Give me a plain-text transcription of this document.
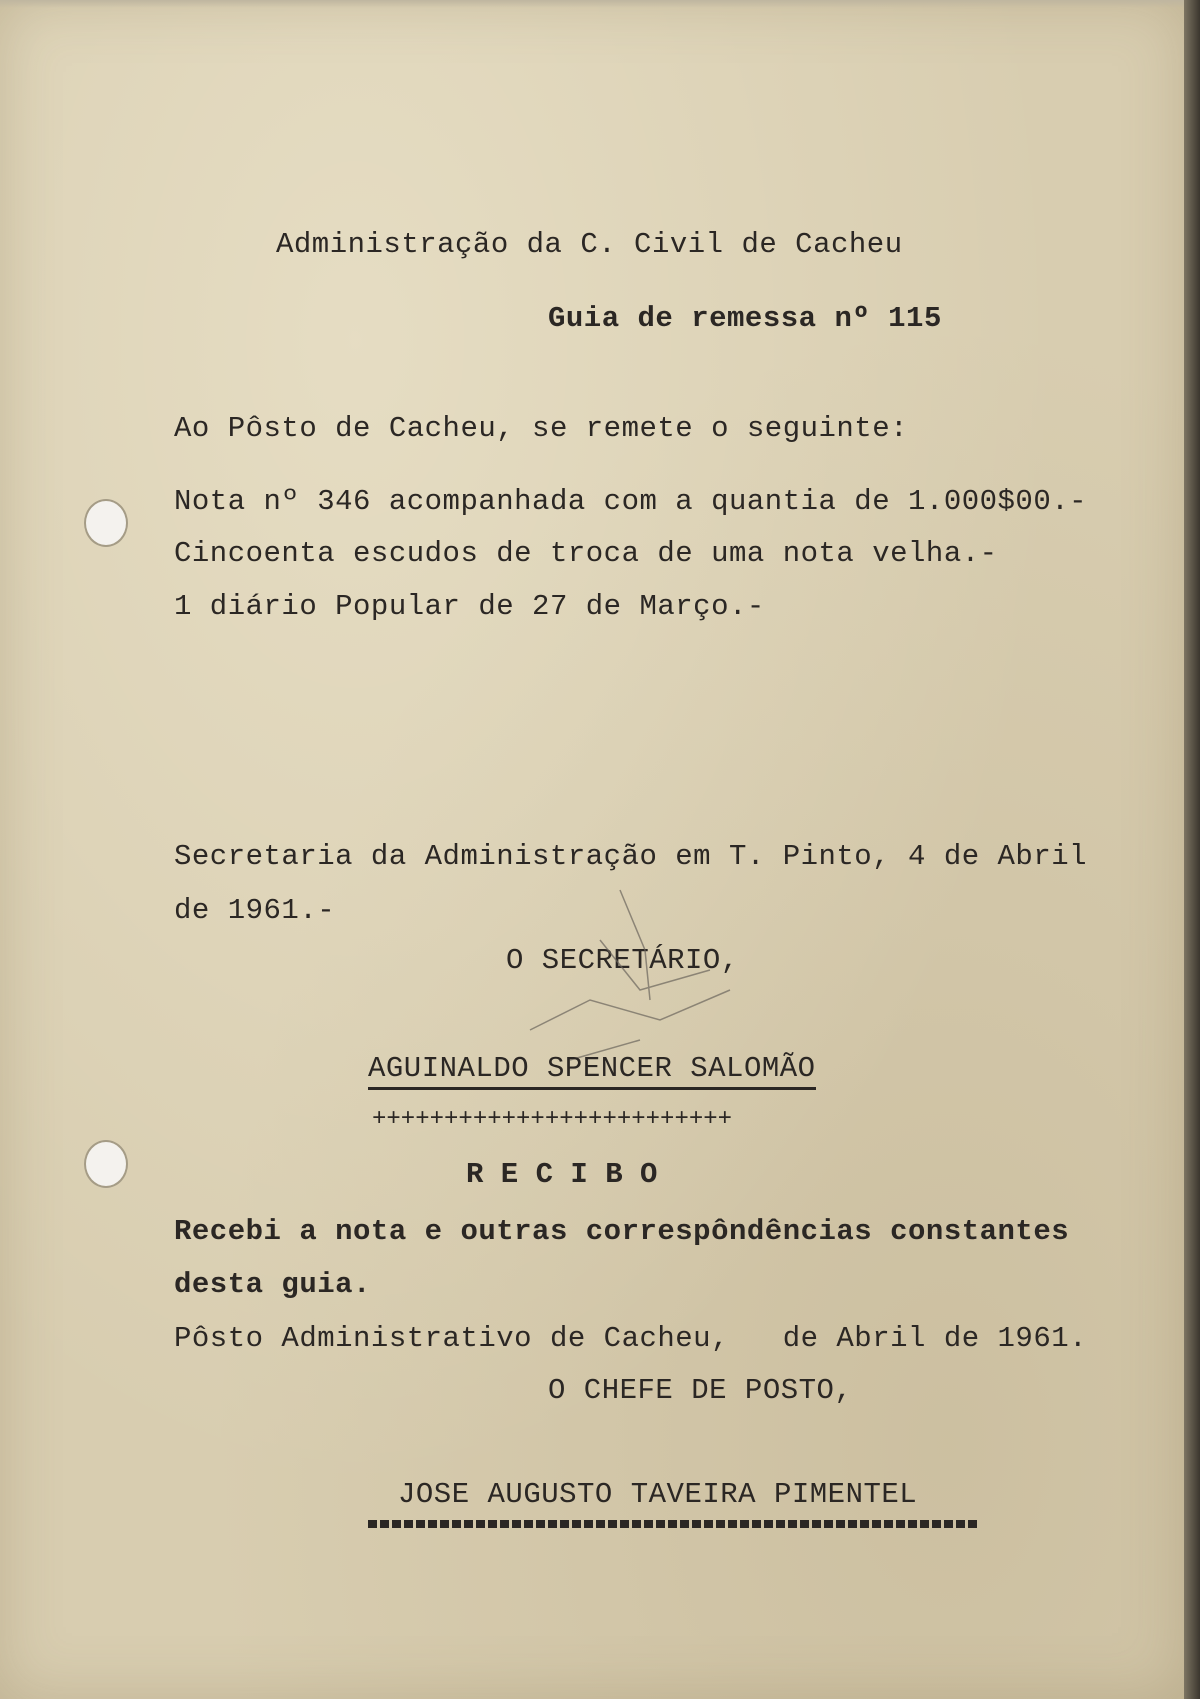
Administração da C. Civil de Cacheu

Guia de remessa nº 115

Ao Pôsto de Cacheu, se remete o seguinte:

Nota nº 346 acompanhada com a quantia de 1.000$00.-

Cincoenta escudos de troca de uma nota velha.-

1 diário Popular de 27 de Março.-

Secretaria da Administração em T. Pinto, 4 de Abril

de 1961.-

O SECRETÁRIO,

AGUINALDO SPENCER SALOMÃO

+++++++++++++++++++++++++

R E C I B O

Recebi a nota e outras correspôndências constantes

desta guia.

Pôsto Administrativo de Cacheu,   de Abril de 1961.

O CHEFE DE POSTO,

JOSE AUGUSTO TAVEIRA PIMENTEL
